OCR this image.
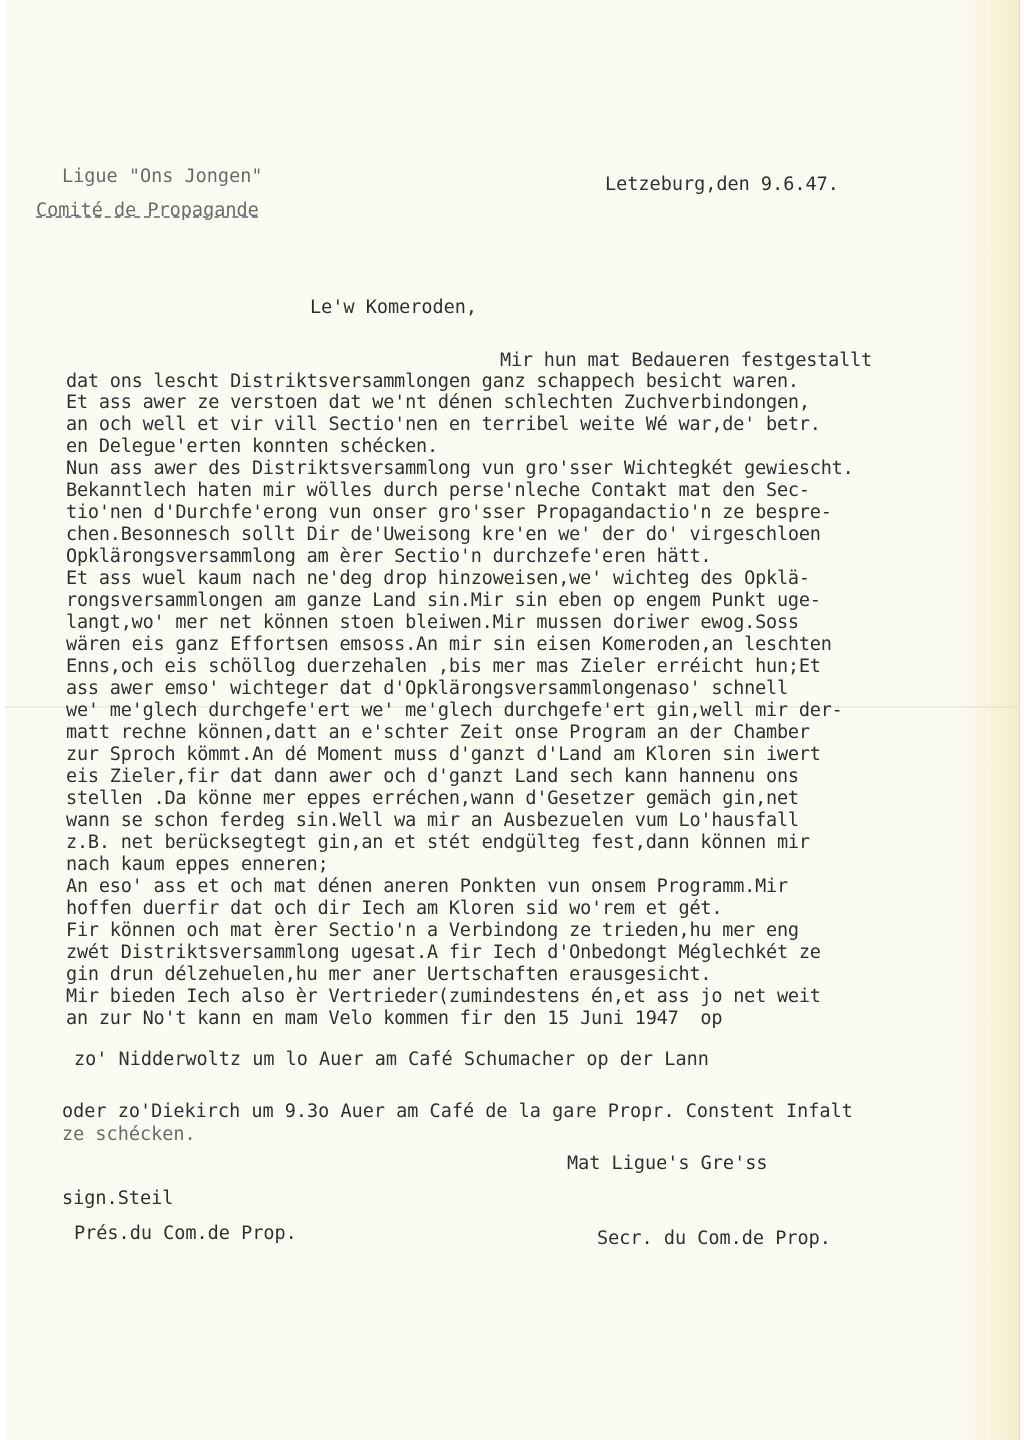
Ligue "Ons Jongen"
Comité de Propagande
Letzeburg,den 9.6.47.
Le'w Komeroden,
Mir hun mat Bedaueren festgestallt
dat ons lescht Distriktsversammlongen ganz schappech besicht waren.
Et ass awer ze verstoen dat we'nt dénen schlechten Zuchverbindongen,
an och well et vir vill Sectio'nen en terribel weite Wé war,de' betr.
en Delegue'erten konnten schécken.
Nun ass awer des Distriktsversammlong vun gro'sser Wichtegkét gewiescht.
Bekanntlech haten mir wölles durch perse'nleche Contakt mat den Sec-
tio'nen d'Durchfe'erong vun onser gro'sser Propagandactio'n ze bespre-
chen.Besonnesch sollt Dir de'Uweisong kre'en we' der do' virgeschloen
Opklärongsversammlong am èrer Sectio'n durchzefe'eren hätt.
Et ass wuel kaum nach ne'deg drop hinzoweisen,we' wichteg des Opklä-
rongsversammlongen am ganze Land sin.Mir sin eben op engem Punkt uge-
langt,wo' mer net können stoen bleiwen.Mir mussen doriwer ewog.Soss
wären eis ganz Effortsen emsoss.An mir sin eisen Komeroden,an leschten
Enns,och eis schöllog duerzehalen ,bis mer mas Zieler erréicht hun;Et
ass awer emso' wichteger dat d'Opklärongsversammlongenaso' schnell
we' me'glech durchgefe'ert we' me'glech durchgefe'ert gin,well mir der-
matt rechne können,datt an e'schter Zeit onse Program an der Chamber
zur Sproch kömmt.An dé Moment muss d'ganzt d'Land am Kloren sin iwert
eis Zieler,fir dat dann awer och d'ganzt Land sech kann hannenu ons
stellen .Da könne mer eppes erréchen,wann d'Gesetzer gemäch gin,net
wann se schon ferdeg sin.Well wa mir an Ausbezuelen vum Lo'hausfall
z.B. net berücksegtegt gin,an et stét endgülteg fest,dann können mir
nach kaum eppes enneren;
An eso' ass et och mat dénen aneren Ponkten vun onsem Programm.Mir
hoffen duerfir dat och dir Iech am Kloren sid wo'rem et gét.
Fir können och mat èrer Sectio'n a Verbindong ze trieden,hu mer eng
zwét Distriktsversammlong ugesat.A fir Iech d'Onbedongt Méglechkét ze
gin drun délzehuelen,hu mer aner Uertschaften erausgesicht.
Mir bieden Iech also èr Vertrieder(zumindestens én,et ass jo net weit
an zur No't kann en mam Velo kommen fir den 15 Juni 1947  op
zo' Nidderwoltz um lo Auer am Café Schumacher op der Lann
oder zo'Diekirch um 9.3o Auer am Café de la gare Propr. Constent Infalt
ze schécken.
Mat Ligue's Gre'ss
sign.Steil
Prés.du Com.de Prop.	Secr. du Com.de Prop.
